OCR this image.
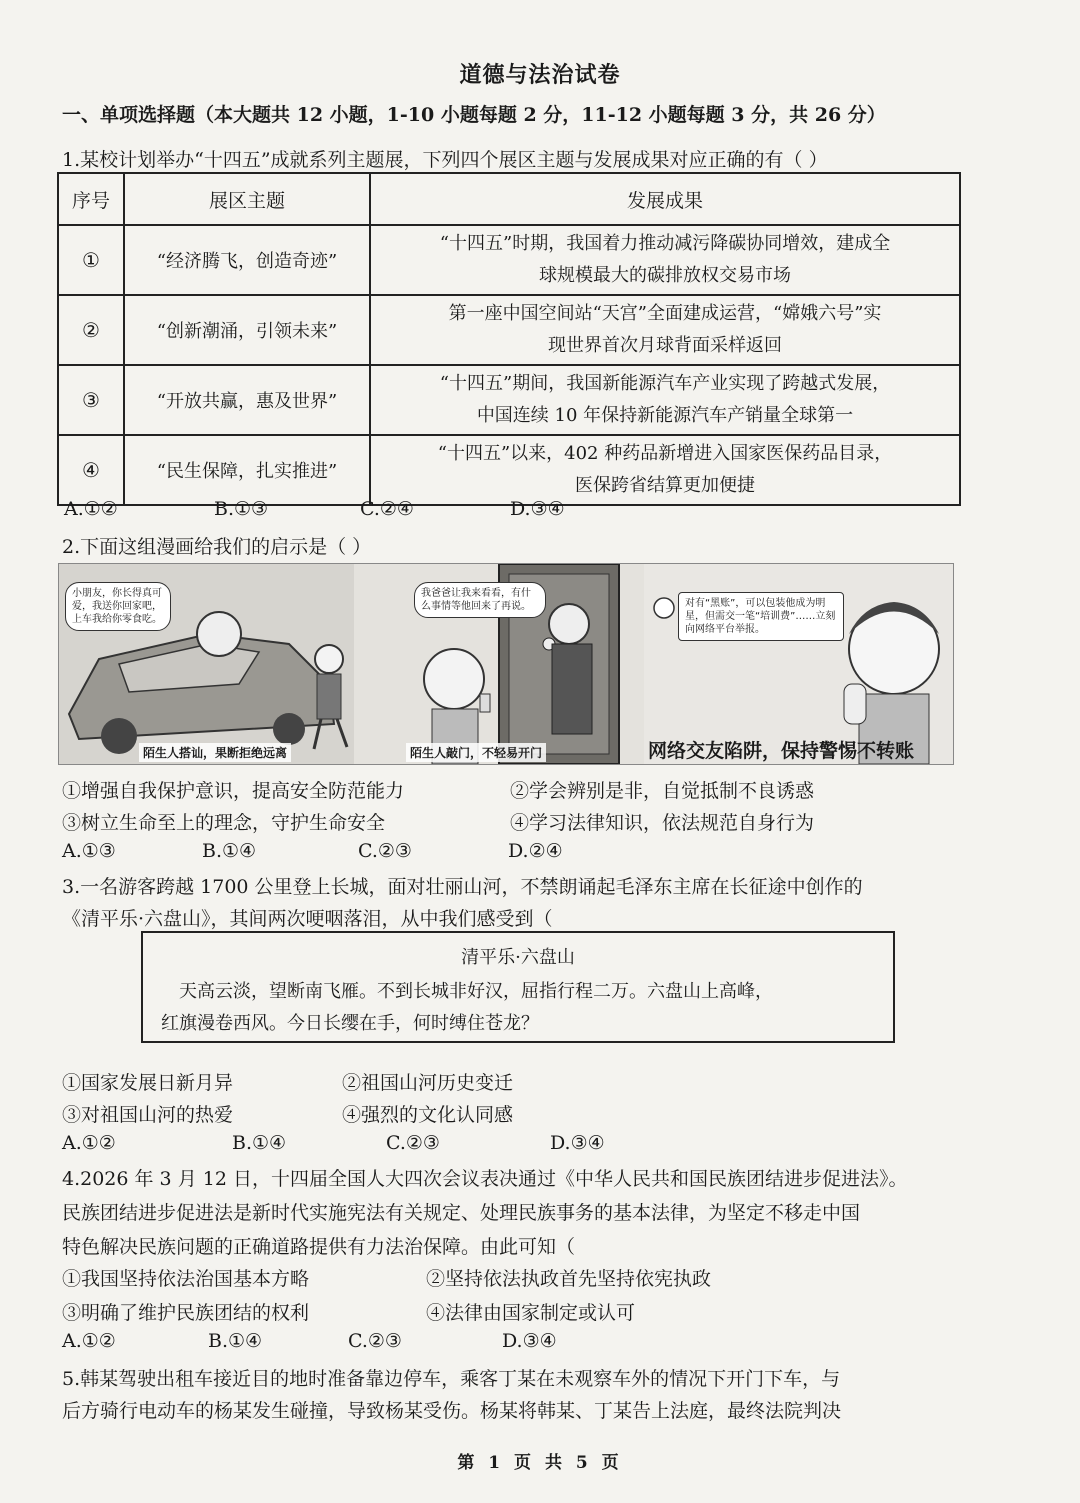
道德与法治试卷
一、单项选择题（本大题共 12 小题，1-10 小题每题 2 分，11-12 小题每题 3 分，共 26 分）
1.某校计划举办“十四五”成就系列主题展，下列四个展区主题与发展成果对应正确的有（ ）
序号	展区主题	发展成果
①	“经济腾飞，创造奇迹”	“十四五”时期，我国着力推动减污降碳协同增效，建成全
球规模最大的碳排放权交易市场

②	“创新潮涌，引领未来”	第一座中国空间站“天宫”全面建成运营，“嫦娥六号”实
现世界首次月球背面采样返回

③	“开放共赢，惠及世界”	“十四五”期间，我国新能源汽车产业实现了跨越式发展，
中国连续 10 年保持新能源汽车产销量全球第一

④	“民生保障，扎实推进”	“十四五”以来，402 种药品新增进入国家医保药品目录，
医保跨省结算更加便捷
A.①②	B.①③	C.②④	D.③④
2.下面这组漫画给我们的启示是（ ）
小朋友，你长得真可爱，我送你回家吧，上车我给你零食吃。
陌生人搭讪，果断拒绝远离
我爸爸让我来看看，有什么事情等他回来了再说。
陌生人敲门，不轻易开门
对有“黑账”，可以包装他成为明星，但需交一笔“培训费”……立刻向网络平台举报。
网络交友陷阱，保持警惕不转账
①增强自我保护意识，提高安全防范能力	②学会辨别是非，自觉抵制不良诱惑
③树立生命至上的理念，守护生命安全	④学习法律知识，依法规范自身行为
A.①③	B.①④	C.②③	D.②④
3.一名游客跨越 1700 公里登上长城，面对壮丽山河，不禁朗诵起毛泽东主席在长征途中创作的
《清平乐·六盘山》，其间两次哽咽落泪，从中我们感受到（
清平乐·六盘山
天高云淡，望断南飞雁。不到长城非好汉，屈指行程二万。六盘山上高峰，
红旗漫卷西风。今日长缨在手，何时缚住苍龙？
①国家发展日新月异	②祖国山河历史变迁
③对祖国山河的热爱	④强烈的文化认同感
A.①②	B.①④	C.②③	D.③④
4.2026 年 3 月 12 日，十四届全国人大四次会议表决通过《中华人民共和国民族团结进步促进法》。
民族团结进步促进法是新时代实施宪法有关规定、处理民族事务的基本法律，为坚定不移走中国
特色解决民族问题的正确道路提供有力法治保障。由此可知（
①我国坚持依法治国基本方略	②坚持依法执政首先坚持依宪执政
③明确了维护民族团结的权利	④法律由国家制定或认可
A.①②	B.①④	C.②③	D.③④
5.韩某驾驶出租车接近目的地时准备靠边停车，乘客丁某在未观察车外的情况下开门下车，与
后方骑行电动车的杨某发生碰撞，导致杨某受伤。杨某将韩某、丁某告上法庭，最终法院判决
第 1 页 共 5 页
